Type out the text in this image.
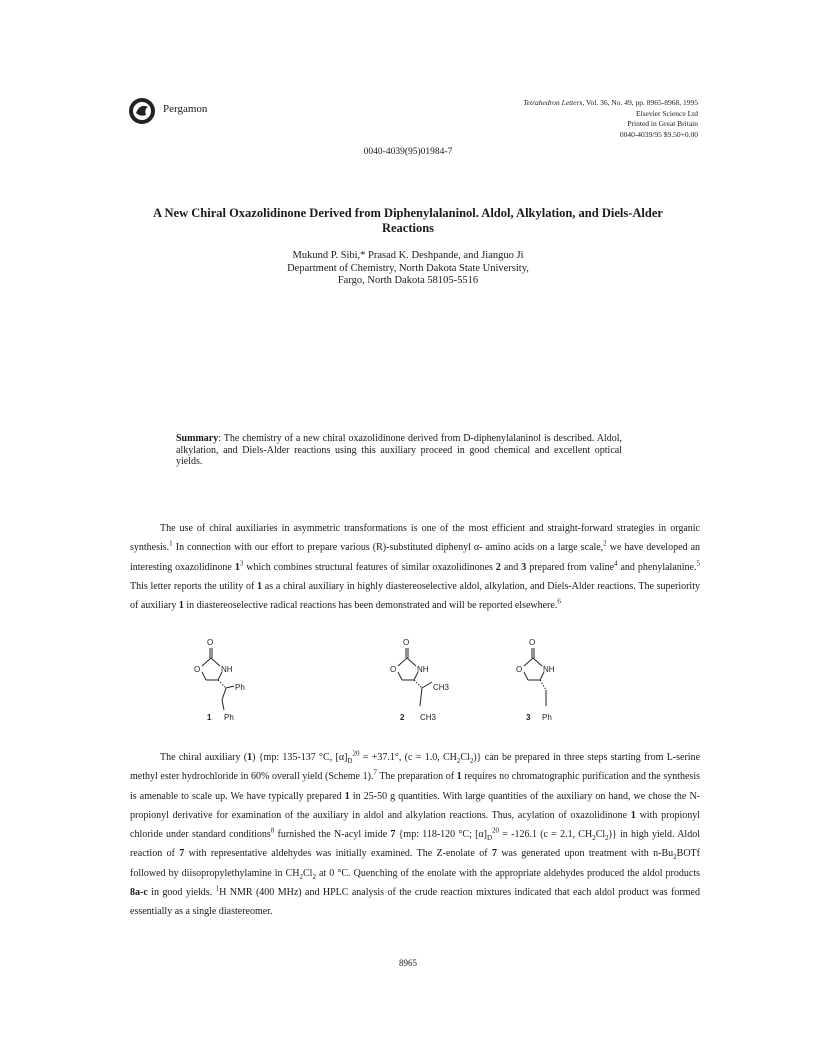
Pergamon
Tetrahedron Letters, Vol. 36, No. 49, pp. 8965-8968, 1995
Elsevier Science Ltd
Printed in Great Britain
0040-4039/95 $9.50+0.00
0040-4039(95)01984-7
A New Chiral Oxazolidinone Derived from Diphenylalaninol. Aldol, Alkylation, and Diels-Alder Reactions
Mukund P. Sibi,* Prasad K. Deshpande, and Jianguo Ji
Department of Chemistry, North Dakota State University,
Fargo, North Dakota 58105-5516
Summary: The chemistry of a new chiral oxazolidinone derived from D-diphenylalaninol is described. Aldol, alkylation, and Diels-Alder reactions using this auxiliary proceed in good chemical and excellent optical yields.
The use of chiral auxiliaries in asymmetric transformations is one of the most efficient and straight-forward strategies in organic synthesis.$^1$ In connection with our effort to prepare various (R)-substituted diphenyl α- amino acids on a large scale,$^2$ we have developed an interesting oxazolidinone $1^3$ which combines structural features of similar oxazolidinones 2 and 3 prepared from valine$^4$ and phenylalanine.$^5$ This letter reports the utility of 1 as a chiral auxiliary in highly diastereoselective aldol, alkylation, and Diels-Alder reactions. The superiority of auxiliary 1 in diastereoselective radical reactions has been demonstrated and will be reported elsewhere.$^6$
O
O	NH
Ph
Ph
1
O
O	NH
CH3
CH3
2
O
O	NH
Ph
3
The chiral auxiliary (1) {mp: 135-137 °C, $[\alpha]_D^{20} = +37.1^\circ$, (c = 1.0, $CH_2Cl_2$)} can be prepared in three steps starting from L-serine methyl ester hydrochloride in 60% overall yield (Scheme 1).$^7$ The preparation of 1 requires no chromatographic purification and the synthesis is amenable to scale up. We have typically prepared 1 in 25-50 g quantities. With large quantities of the auxiliary on hand, we chose the N-propionyl derivative for examination of the auxiliary in aldol and alkylation reactions. Thus, acylation of oxazolidinone 1 with propionyl chloride under standard conditions$^8$ furnished the N-acyl imide 7 {mp: 118-120 °C; $[\alpha]_D^{20} = -126.1$ (c = 2.1, $CH_2Cl_2$)} in high yield. Aldol reaction of 7 with representative aldehydes was initially examined. The Z-enolate of 7 was generated upon treatment with $n-Bu_2BOTf$ followed by diisopropylethylamine in $CH_2Cl_2$ at 0 °C. Quenching of the enolate with the appropriate aldehydes produced the aldol products 8a-c in good yields. $^1$H NMR (400 MHz) and HPLC analysis of the crude reaction mixtures indicated that each aldol product was formed essentially as a single diastereomer.
8965
